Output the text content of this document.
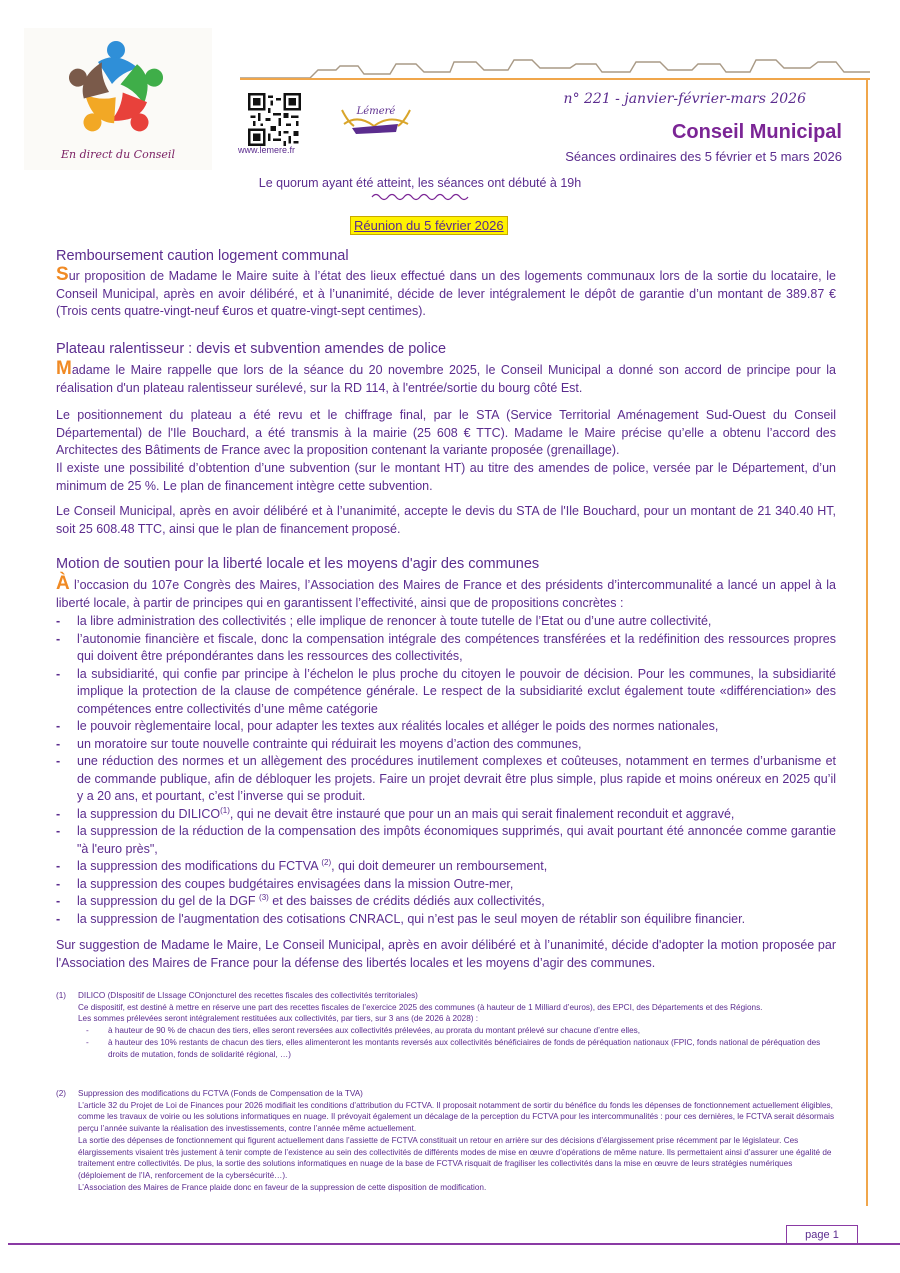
En direct du Conseil	www.lemere.fr
Lémeré
n° 221 - janvier-février-mars 2026
Conseil Municipal
Séances ordinaires des 5 février et 5 mars 2026
Le quorum ayant été atteint, les séances ont débuté à 19h
Réunion du 5 février 2026
Remboursement caution logement communal

Sur proposition de Madame le Maire suite à l’état des lieux effectué dans un des logements communaux lors de la sortie du locataire, le Conseil Municipal, après en avoir délibéré, et à l’unanimité, décide de lever intégralement le dépôt de garantie d’un montant de 389.87 € (Trois cents quatre-vingt-neuf €uros et quatre-vingt-sept centimes).

Plateau ralentisseur : devis et subvention amendes de police

Madame le Maire rappelle que lors de la séance du 20 novembre 2025, le Conseil Municipal a donné son accord de principe pour la réalisation d'un plateau ralentisseur surélevé, sur la RD 114, à l'entrée/sortie du bourg côté Est.

Le positionnement du plateau a été revu et le chiffrage final, par le STA (Service Territorial Aménagement Sud-Ouest du Conseil Départemental) de l'Ile Bouchard, a été transmis à la mairie (25 608 € TTC). Madame le Maire précise qu’elle a obtenu l’accord des Architectes des Bâtiments de France avec la proposition contenant la variante proposée (grenaillage).

Il existe une possibilité d’obtention d’une subvention (sur le montant HT) au titre des amendes de police, versée par le Département, d’un minimum de 25 %. Le plan de financement intègre cette subvention.

Le Conseil Municipal, après en avoir délibéré et à l’unanimité, accepte le devis du STA de l'Ile Bouchard, pour un montant de 21 340.40 HT, soit 25 608.48 TTC, ainsi que le plan de financement proposé.

Motion de soutien pour la liberté locale et les moyens d'agir des communes

À l’occasion du 107e Congrès des Maires, l’Association des Maires de France et des présidents d’intercommunalité a lancé un appel à la liberté locale, à partir de principes qui en garantissent l’effectivité, ainsi que de propositions concrètes :

- la libre administration des collectivités ; elle implique de renoncer à toute tutelle de l’Etat ou d’une autre collectivité,
- l’autonomie financière et fiscale, donc la compensation intégrale des compétences transférées et la redéfinition des ressources propres qui doivent être prépondérantes dans les ressources des collectivités,
- la subsidiarité, qui confie par principe à l’échelon le plus proche du citoyen le pouvoir de décision. Pour les communes, la subsidiarité implique la protection de la clause de compétence générale. Le respect de la subsidiarité exclut également toute «différenciation» des compétences entre collectivités d’une même catégorie
- le pouvoir règlementaire local, pour adapter les textes aux réalités locales et alléger le poids des normes nationales,
- un moratoire sur toute nouvelle contrainte qui réduirait les moyens d’action des communes,
- une réduction des normes et un allègement des procédures inutilement complexes et coûteuses, notamment en termes d’urbanisme et de commande publique, afin de débloquer les projets. Faire un projet devrait être plus simple, plus rapide et moins onéreux en 2025 qu’il y a 20 ans, et pourtant, c’est l’inverse qui se produit.
- la suppression du DILICO$^{(1)}$, qui ne devait être instauré que pour un an mais qui serait finalement reconduit et aggravé,
- la suppression de la réduction de la compensation des impôts économiques supprimés, qui avait pourtant été annoncée comme garantie "à l'euro près",
- la suppression des modifications du FCTVA $^{(2)}$, qui doit demeurer un remboursement,
- la suppression des coupes budgétaires envisagées dans la mission Outre-mer,
- la suppression du gel de la DGF $^{(3)}$ et des baisses de crédits dédiés aux collectivités,
- la suppression de l'augmentation des cotisations CNRACL, qui n’est pas le seul moyen de rétablir son équilibre financier.

Sur suggestion de Madame le Maire, Le Conseil Municipal, après en avoir délibéré et à l’unanimité, décide d'adopter la motion proposée par l'Association des Maires de France pour la défense des libertés locales et les moyens d’agir des communes.

(1) DILICO (DIspositif de LIssage COnjoncturel des recettes fiscales des collectivités territoriales)
Ce dispositif, est destiné à mettre en réserve une part des recettes fiscales de l’exercice 2025 des communes (à hauteur de 1 Milliard d’euros), des EPCI, des Départements et des Régions.
Les sommes prélevées seront intégralement restituées aux collectivités, par tiers, sur 3 ans (de 2026 à 2028) :
- à hauteur de 90 % de chacun des tiers, elles seront reversées aux collectivités prélevées, au prorata du montant prélevé sur chacune d’entre elles,
- à hauteur des 10% restants de chacun des tiers, elles alimenteront les montants reversés aux collectivités bénéficiaires de fonds de péréquation nationaux (FPIC, fonds national de péréquation des droits de mutation, fonds de solidarité régional, …)
(2) Suppression des modifications du FCTVA (Fonds de Compensation de la TVA)
L’article 32 du Projet de Loi de Finances pour 2026 modifiait les conditions d’attribution du FCTVA. Il proposait notamment de sortir du bénéfice du fonds les dépenses de fonctionnement actuellement éligibles, comme les travaux de voirie ou les solutions informatiques en nuage. Il prévoyait également un décalage de la perception du FCTVA pour les intercommunalités : pour ces dernières, le FCTVA serait désormais perçu l’année suivante la réalisation des investissements, contre l’année même actuellement.
La sortie des dépenses de fonctionnement qui figurent actuellement dans l’assiette de FCTVA constituait un retour en arrière sur des décisions d’élargissement prise récemment par le législateur. Ces élargissements visaient très justement à tenir compte de l’existence au sein des collectivités de différents modes de mise en œuvre d’opérations de même nature. Ils permettaient ainsi d’assurer une égalité de traitement entre collectivités. De plus, la sortie des solutions informatiques en nuage de la base de FCTVA risquait de fragiliser les collectivités dans la mise en œuvre de leurs stratégies numériques (déploiement de l’IA, renforcement de la cybersécurité…).
L’Association des Maires de France plaide donc en faveur de la suppression de cette disposition de modification.
page 1
